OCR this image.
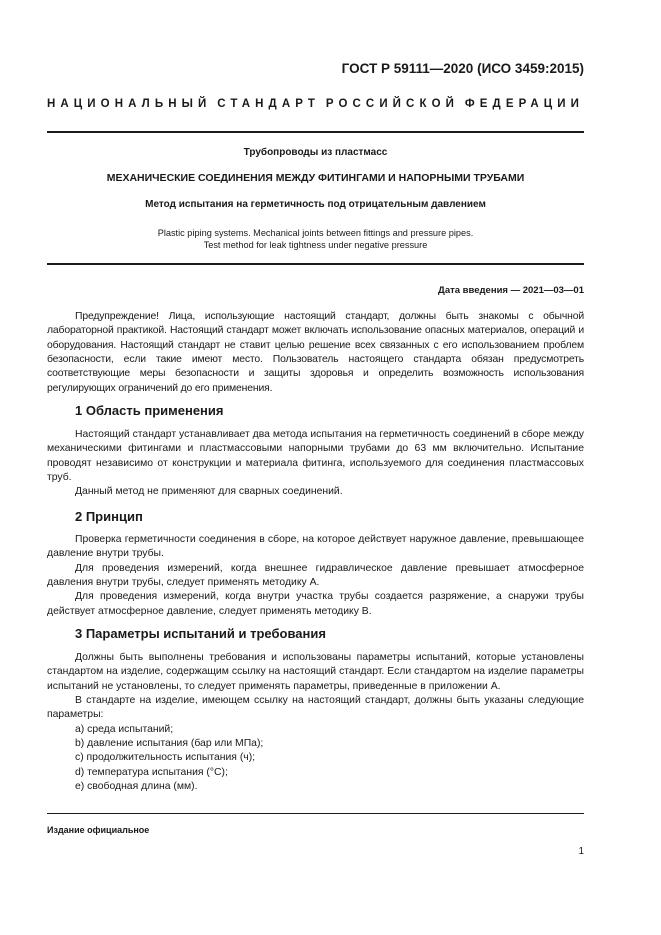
ГОСТ Р 59111—2020 (ИСО 3459:2015)
НАЦИОНАЛЬНЫЙ СТАНДАРТ РОССИЙСКОЙ ФЕДЕРАЦИИ
Трубопроводы из пластмасс
МЕХАНИЧЕСКИЕ СОЕДИНЕНИЯ МЕЖДУ ФИТИНГАМИ И НАПОРНЫМИ ТРУБАМИ
Метод испытания на герметичность под отрицательным давлением
Plastic piping systems. Mechanical joints between fittings and pressure pipes.
Test method for leak tightness under negative pressure
Дата введения — 2021—03—01

Предупреждение! Лица, использующие настоящий стандарт, должны быть знакомы с обычной лабораторной практикой. Настоящий стандарт может включать использование опасных материалов, операций и оборудования. Настоящий стандарт не ставит целью решение всех связанных с его использованием проблем безопасности, если такие имеют место. Пользователь настоящего стандарта обязан предусмотреть соответствующие меры безопасности и защиты здоровья и определить возможность использования регулирующих ограничений до его применения.

1 Область применения

Настоящий стандарт устанавливает два метода испытания на герметичность соединений в сборе между механическими фитингами и пластмассовыми напорными трубами до 63 мм включительно. Испытание проводят независимо от конструкции и материала фитинга, используемого для соединения пластмассовых труб.

Данный метод не применяют для сварных соединений.

2 Принцип

Проверка герметичности соединения в сборе, на которое действует наружное давление, превышающее давление внутри трубы.

Для проведения измерений, когда внешнее гидравлическое давление превышает атмосферное давления внутри трубы, следует применять методику А.

Для проведения измерений, когда внутри участка трубы создается разряжение, а снаружи трубы действует атмосферное давление, следует применять методику В.

3 Параметры испытаний и требования

Должны быть выполнены требования и использованы параметры испытаний, которые установлены стандартом на изделие, содержащим ссылку на настоящий стандарт. Если стандартом на изделие параметры испытаний не установлены, то следует применять параметры, приведенные в приложении А.

В стандарте на изделие, имеющем ссылку на настоящий стандарт, должны быть указаны следующие параметры:

a) среда испытаний;

b) давление испытания (бар или МПа);

c) продолжительность испытания (ч);

d) температура испытания (°С);

e) свободная длина (мм).

Издание официальное
1
